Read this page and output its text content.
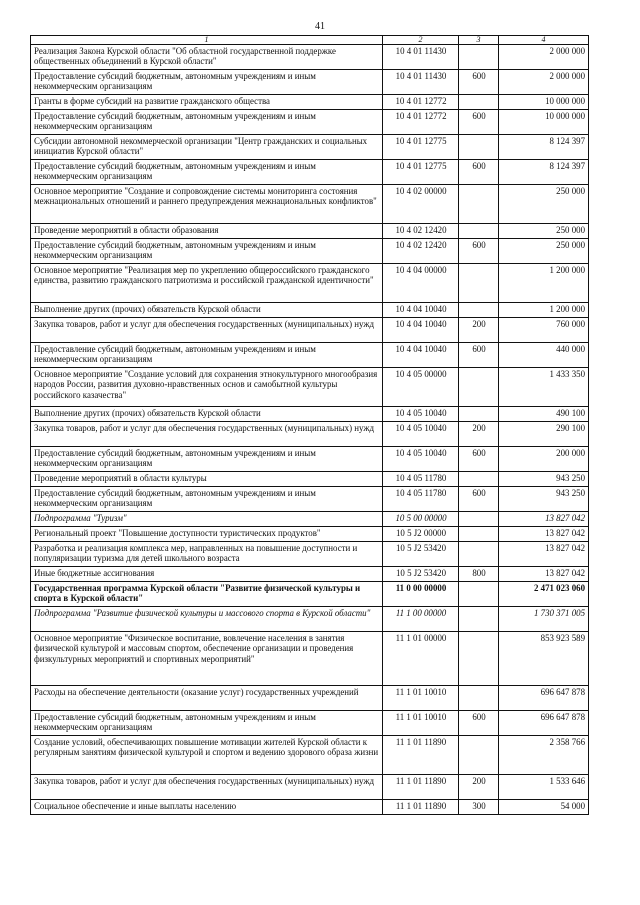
41
1	2	3	4
Реализация Закона Курской области "Об областной государственной поддержке общественных объединений в Курской области"	10 4 01 11430		2 000 000
Предоставление субсидий бюджетным, автономным учреждениям и иным некоммерческим организациям	10 4 01 11430	600	2 000 000
Гранты в форме субсидий на развитие гражданского общества	10 4 01 12772		10 000 000
Предоставление субсидий бюджетным, автономным учреждениям и иным некоммерческим организациям	10 4 01 12772	600	10 000 000
Субсидии автономной некоммерческой организации "Центр гражданских и социальных инициатив Курской области"	10 4 01 12775		8 124 397
Предоставление субсидий бюджетным, автономным учреждениям и иным некоммерческим организациям	10 4 01 12775	600	8 124 397
Основное мероприятие "Создание и сопровождение системы мониторинга состояния межнациональных отношений и раннего предупреждения межнациональных конфликтов"	10 4 02 00000		250 000
Проведение мероприятий в области образования	10 4 02 12420		250 000
Предоставление субсидий бюджетным, автономным учреждениям и иным некоммерческим организациям	10 4 02 12420	600	250 000
Основное мероприятие "Реализация мер по укреплению общероссийского гражданского единства, развитию гражданского патриотизма и российской гражданской идентичности"	10 4 04 00000		1 200 000
Выполнение других (прочих) обязательств Курской области	10 4 04 10040		1 200 000
Закупка товаров, работ и услуг для обеспечения государственных (муниципальных) нужд	10 4 04 10040	200	760 000
Предоставление субсидий бюджетным, автономным учреждениям и иным некоммерческим организациям	10 4 04 10040	600	440 000
Основное мероприятие "Создание условий для сохранения этнокультурного многообразия народов России, развития духовно-нравственных основ и самобытной культуры российского казачества"	10 4 05 00000		1 433 350
Выполнение других (прочих) обязательств Курской области	10 4 05 10040		490 100
Закупка товаров, работ и услуг для обеспечения государственных (муниципальных) нужд	10 4 05 10040	200	290 100
Предоставление субсидий бюджетным, автономным учреждениям и иным некоммерческим организациям	10 4 05 10040	600	200 000
Проведение мероприятий в области культуры	10 4 05 11780		943 250
Предоставление субсидий бюджетным, автономным учреждениям и иным некоммерческим организациям	10 4 05 11780	600	943 250
Подпрограмма "Туризм"	10 5 00 00000		13 827 042
Региональный проект "Повышение доступности туристических продуктов"	10 5 J2 00000		13 827 042
Разработка и реализация комплекса мер, направленных на повышение доступности и популяризации туризма для детей школьного возраста	10 5 J2 53420		13 827 042
Иные бюджетные ассигнования	10 5 J2 53420	800	13 827 042
Государственная программа Курской области "Развитие физической культуры и спорта в Курской области"	11 0 00 00000		2 471 023 060
Подпрограмма "Развитие физической культуры и массового спорта в Курской области"	11 1 00 00000		1 730 371 005
Основное мероприятие "Физическое воспитание, вовлечение населения в занятия физической культурой и массовым спортом, обеспечение организации и проведения физкультурных мероприятий и спортивных мероприятий"	11 1 01 00000		853 923 589
Расходы на обеспечение деятельности (оказание услуг) государственных учреждений	11 1 01 10010		696 647 878
Предоставление субсидий бюджетным, автономным учреждениям и иным некоммерческим организациям	11 1 01 10010	600	696 647 878
Создание условий, обеспечивающих повышение мотивации жителей Курской области к регулярным занятиям физической культурой и спортом и ведению здорового образа жизни	11 1 01 11890		2 358 766
Закупка товаров, работ и услуг для обеспечения государственных (муниципальных) нужд	11 1 01 11890	200	1 533 646
Социальное обеспечение и иные выплаты населению	11 1 01 11890	300	54 000
